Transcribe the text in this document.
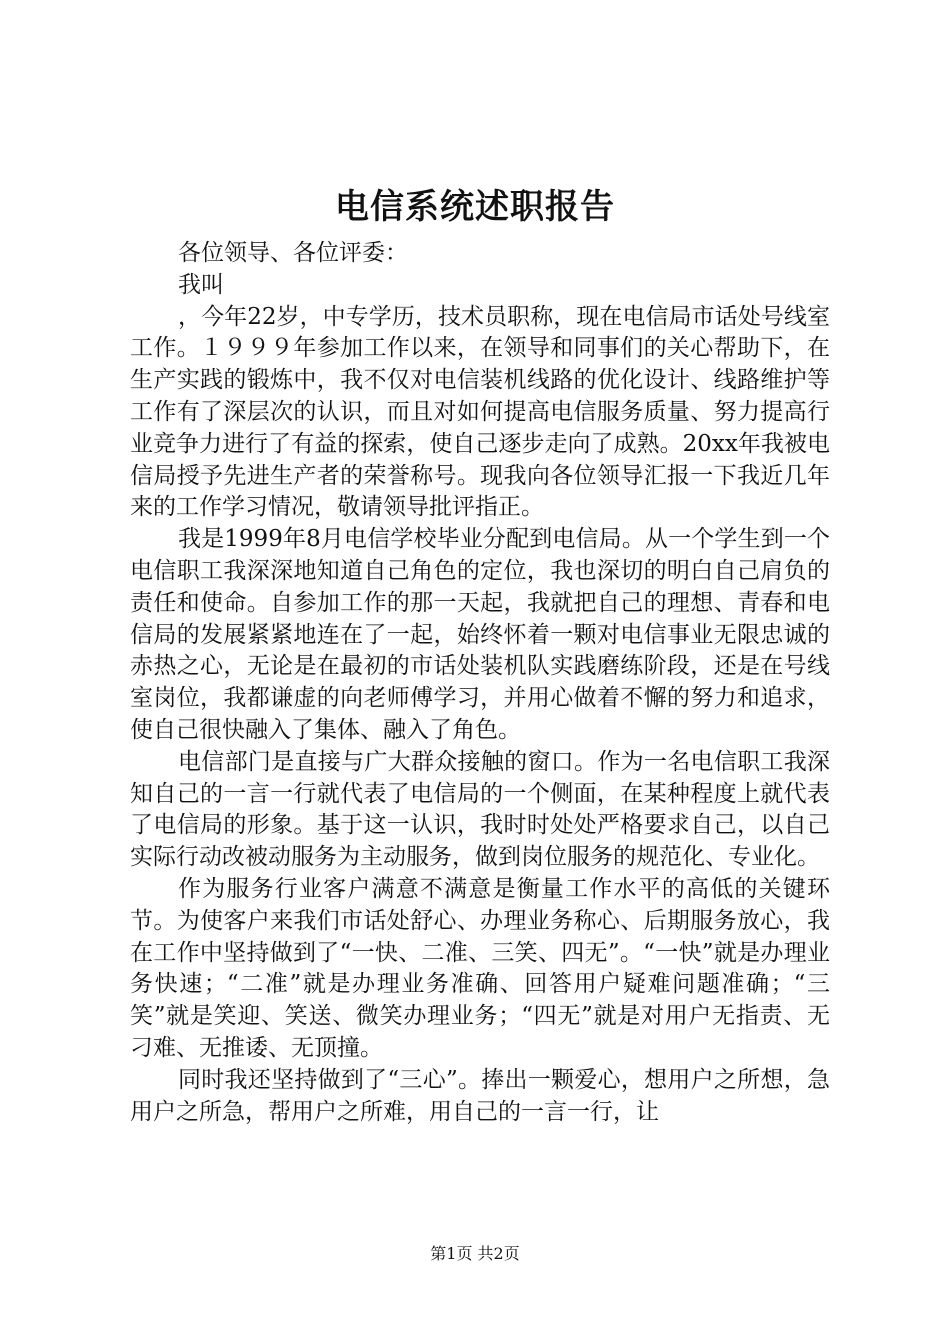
电信系统述职报告

各位领导、各位评委：

我叫

，今年22岁，中专学历，技术员职称，现在电信局市话处号线室工作。１９９９年参加工作以来，在领导和同事们的关心帮助下，在生产实践的锻炼中，我不仅对电信装机线路的优化设计、线路维护等工作有了深层次的认识，而且对如何提高电信服务质量、努力提高行业竞争力进行了有益的探索，使自己逐步走向了成熟。20xx年我被电信局授予先进生产者的荣誉称号。现我向各位领导汇报一下我近几年来的工作学习情况，敬请领导批评指正。

我是1999年8月电信学校毕业分配到电信局。从一个学生到一个电信职工我深深地知道自己角色的定位，我也深切的明白自己肩负的责任和使命。自参加工作的那一天起，我就把自己的理想、青春和电信局的发展紧紧地连在了一起，始终怀着一颗对电信事业无限忠诚的赤热之心，无论是在最初的市话处装机队实践磨练阶段，还是在号线室岗位，我都谦虚的向老师傅学习，并用心做着不懈的努力和追求，使自己很快融入了集体、融入了角色。

电信部门是直接与广大群众接触的窗口。作为一名电信职工我深知自己的一言一行就代表了电信局的一个侧面，在某种程度上就代表了电信局的形象。基于这一认识，我时时处处严格要求自己，以自己实际行动改被动服务为主动服务，做到岗位服务的规范化、专业化。

作为服务行业客户满意不满意是衡量工作水平的高低的关键环节。为使客户来我们市话处舒心、办理业务称心、后期服务放心，我在工作中坚持做到了“一快、二准、三笑、四无”。“一快”就是办理业务快速；“二准”就是办理业务准确、回答用户疑难问题准确；“三笑”就是笑迎、笑送、微笑办理业务；“四无”就是对用户无指责、无刁难、无推诿、无顶撞。

同时我还坚持做到了“三心”。捧出一颗爱心，想用户之所想，急用户之所急，帮用户之所难，用自己的一言一行，让

第1页 共2页
